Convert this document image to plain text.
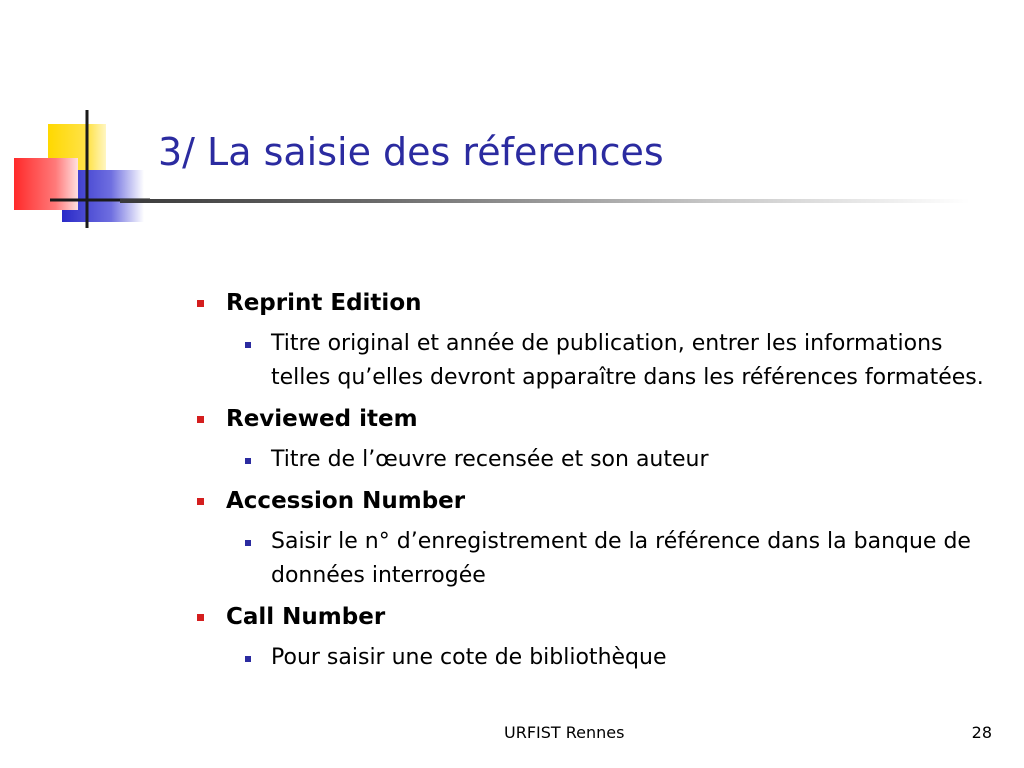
3/ La saisie des réferences
Reprint Edition
Titre original et année de publication, entrer les informations telles qu’elles devront apparaître dans les références formatées.
Reviewed item
Titre de l’œuvre recensée et son auteur
Accession Number
Saisir le n° d’enregistrement de la référence dans la banque de données interrogée
Call Number
Pour saisir une cote de bibliothèque
URFIST Rennes	28
